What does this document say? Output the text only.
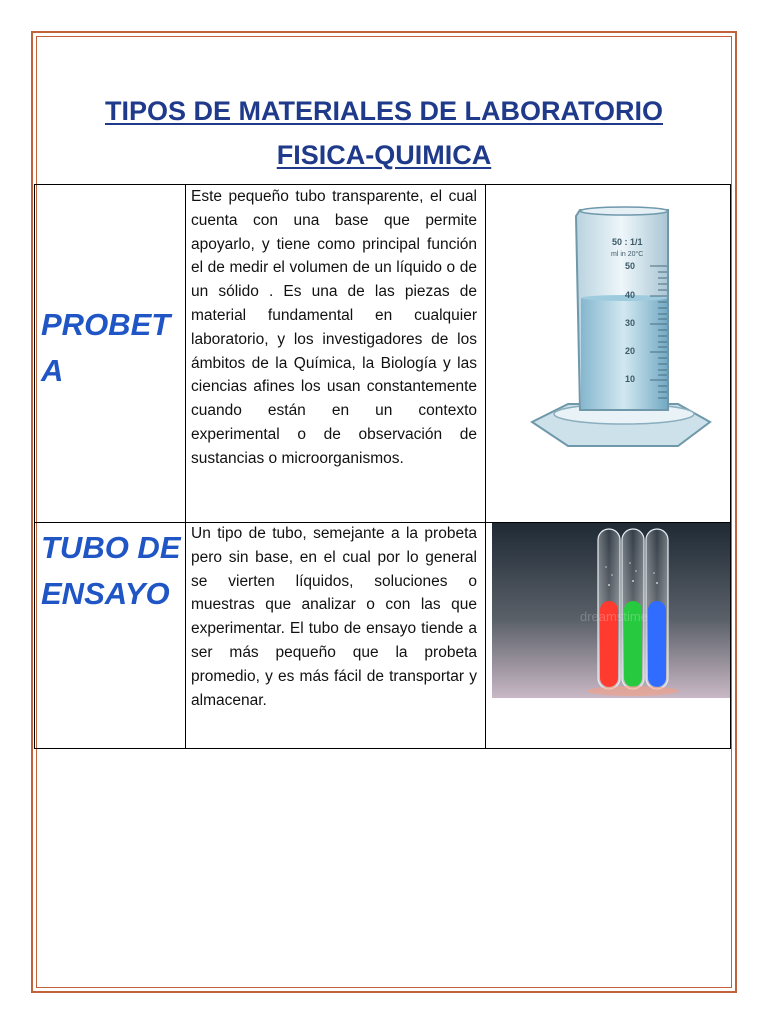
TIPOS DE MATERIALES DE LABORATORIO
FISICA-QUIMICA
PROBET
A

Este pequeño tubo transparente, el cual cuenta con una base que permite apoyarlo, y tiene como principal función el de medir el volumen de un líquido o de un sólido . Es una de las piezas de material fundamental en cualquier laboratorio, y los investigadores de los ámbitos de la Química, la Biología y las ciencias afines los usan constantemente cuando están en un contexto experimental o de observación de sustancias o microorganismos.

50 : 1/1
ml in 20°C
50
40
30
20
10
TUBO DE
ENSAYO

Un tipo de tubo, semejante a la probeta pero sin base, en el cual por lo general se vierten líquidos, soluciones o muestras que analizar o con las que experimentar. El tubo de ensayo tiende a ser más pequeño que la probeta promedio, y es más fácil de transportar y almacenar.

dreamstime
